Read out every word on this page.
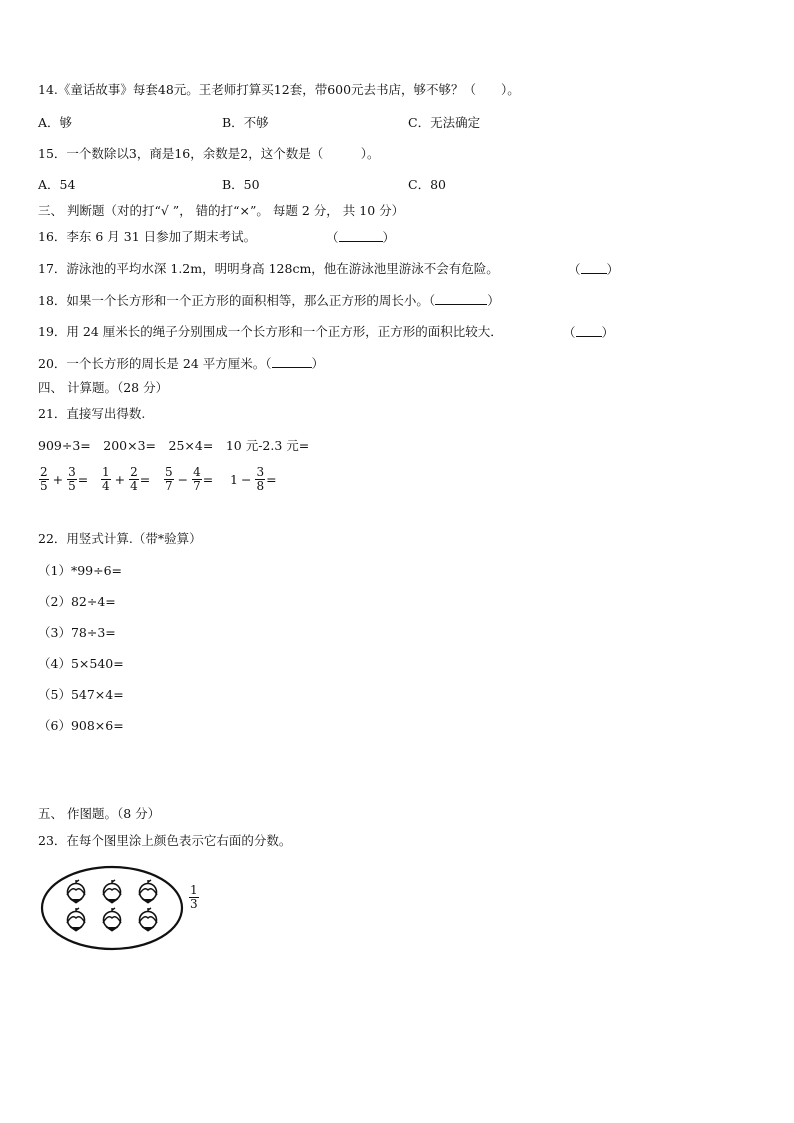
14.《童话故事》每套48元。王老师打算买12套，带600元去书店，够不够？（　　）。
A．够	B．不够	C．无法确定
15．一个数除以3，商是16，余数是2，这个数是（　　　）。
A．54	B．50	C．80
三、 判断题（对的打“√ ”， 错的打“×”。 每题 2 分， 共 10 分）
16．李东 6 月 31 日参加了期末考试。	（	）
17．游泳池的平均水深 1.2m，明明身高 128cm，他在游泳池里游泳不会有危险。	（ ）
18．如果一个长方形和一个正方形的面积相等，那么正方形的周长小。（	）
19．用 24 厘米长的绳子分别围成一个长方形和一个正方形，正方形的面积比较大．	（ ）
20．一个长方形的周长是 24 平方厘米。（	）
四、 计算题。（28 分）
21．直接写出得数.
909÷3=　200×3=　25×4=　10 元-2.3 元=
$\frac{2}{5} + \frac{3}{5}$ =	$\frac{1}{4} + \frac{2}{4}$ =	$\frac{5}{7} - \frac{4}{7}$ =	$1 - \frac{3}{8}$ =
22．用竖式计算.（带*验算）
（1）*99÷6=
（2）82÷4=
（3）78÷3=
（4）5×540=
（5）547×4=
（6）908×6=
五、 作图题。（8 分）
23．在每个图里涂上颜色表示它右面的分数。
$\frac{1}{3}$
